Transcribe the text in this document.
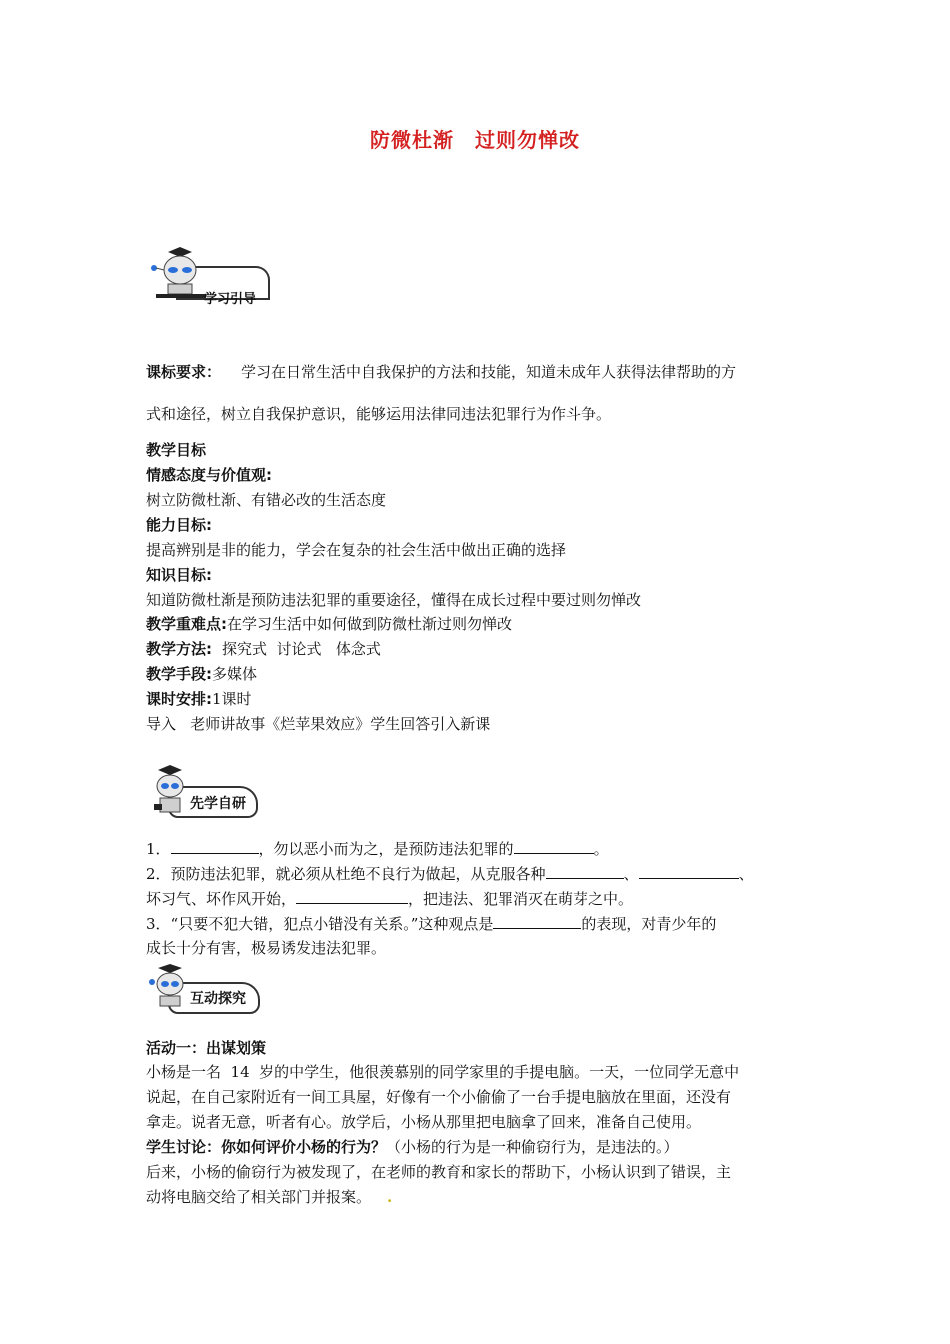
防微杜渐　过则勿惮改
学习引导
课标要求： 学习在日常生活中自我保护的方法和技能，知道未成年人获得法律帮助的方
式和途径，树立自我保护意识，能够运用法律同违法犯罪行为作斗争。
教学目标
情感态度与价值观:
树立防微杜渐、有错必改的生活态度
能力目标:
提高辨别是非的能力，学会在复杂的社会生活中做出正确的选择
知识目标:
知道防微杜渐是预防违法犯罪的重要途径，懂得在成长过程中要过则勿惮改
教学重难点:在学习生活中如何做到防微杜渐过则勿惮改
教学方法: 探究式  讨论式   体念式
教学手段:多媒体
课时安排:1课时
导入   老师讲故事《烂苹果效应》学生回答引入新课
先学自研
1．	，勿以恶小而为之，是预防违法犯罪的	。
2．预防违法犯罪，就必须从杜绝不良行为做起，从克服各种	、	、
坏习气、坏作风开始，	，把违法、犯罪消灭在萌芽之中。
3．“只要不犯大错，犯点小错没有关系。”这种观点是	的表现，对青少年的
成长十分有害，极易诱发违法犯罪。
互动探究
活动一：出谋划策
小杨是一名  14  岁的中学生，他很羡慕别的同学家里的手提电脑。一天，一位同学无意中
说起，在自己家附近有一间工具屋，好像有一个小偷偷了一台手提电脑放在里面，还没有
拿走。说者无意，听者有心。放学后，小杨从那里把电脑拿了回来，准备自己使用。
学生讨论：你如何评价小杨的行为？（小杨的行为是一种偷窃行为，是违法的。）
后来，小杨的偷窃行为被发现了，在老师的教育和家长的帮助下，小杨认识到了错误，主
动将电脑交给了相关部门并报案。 .
